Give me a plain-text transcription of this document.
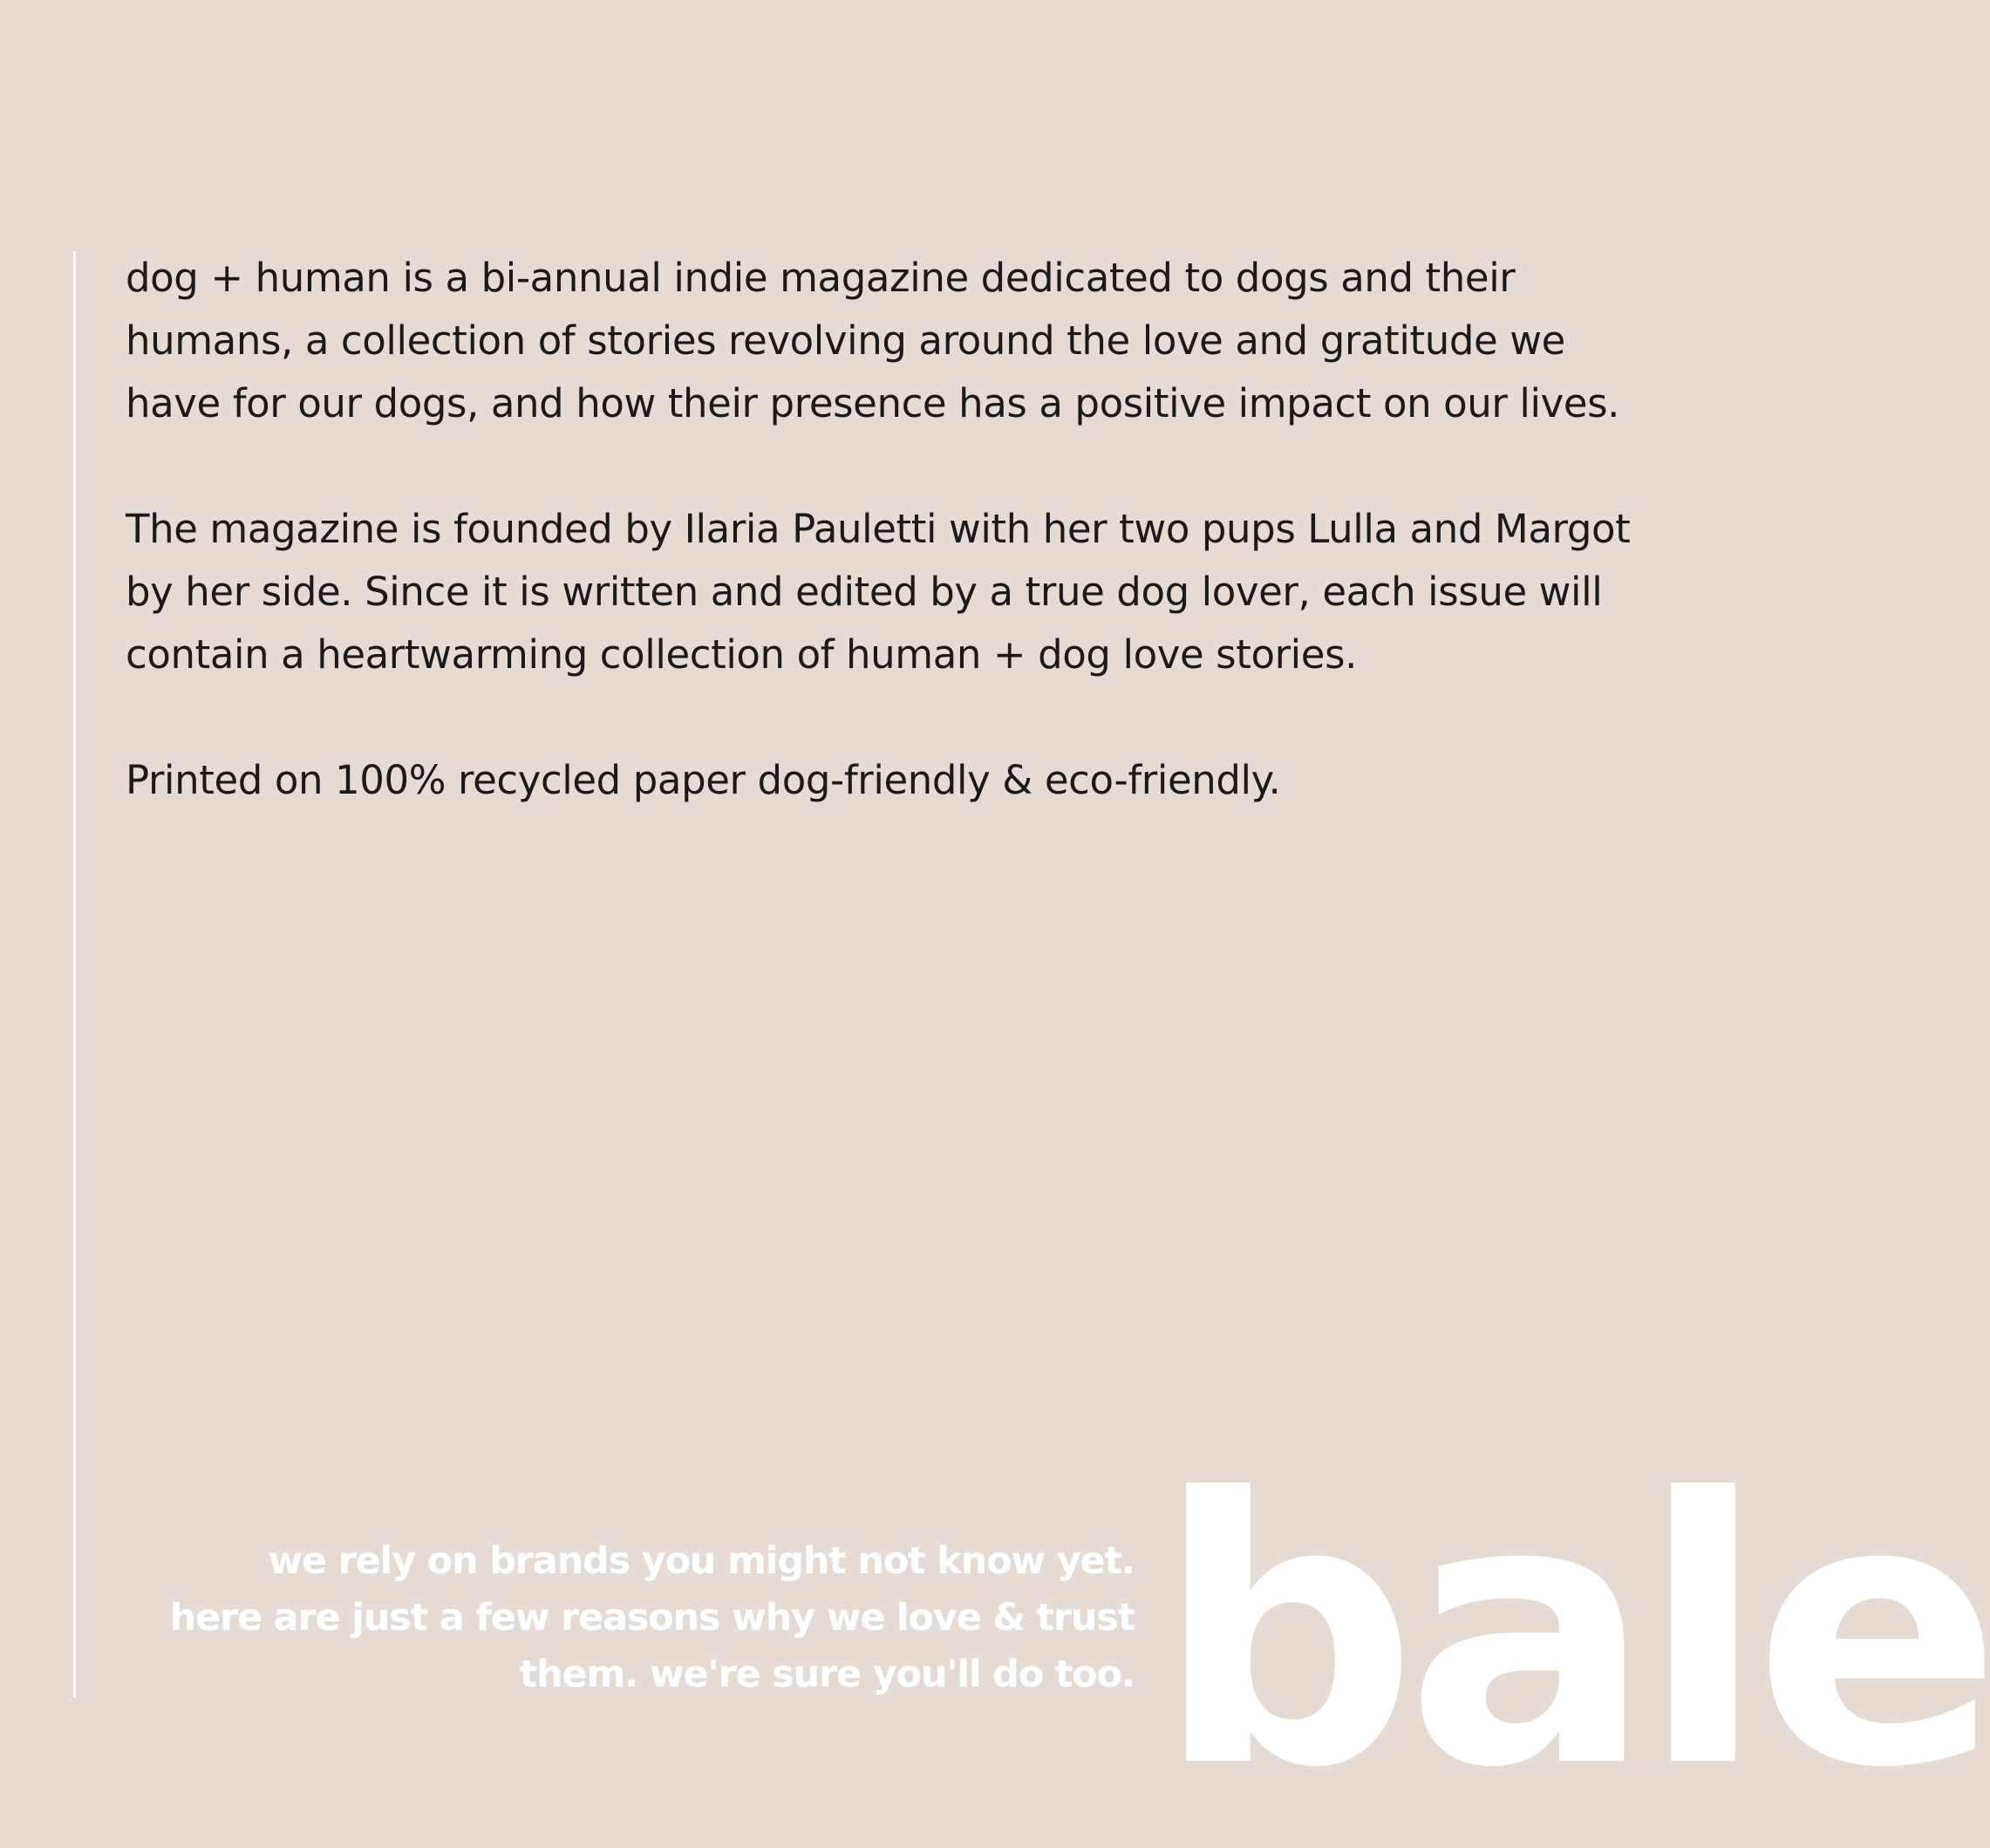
dog + human is a bi-annual indie magazine dedicated to dogs and their humans, a collection of stories revolving around the love and gratitude we have for our dogs, and how their presence has a positive impact on our lives.

The magazine is founded by Ilaria Pauletti with her two pups Lulla and Margot by her side. Since it is written and edited by a true dog lover, each issue will contain a heartwarming collection of human + dog love stories.

Printed on 100% recycled paper dog-friendly & eco-friendly.

we rely on brands you might not know yet.
here are just a few reasons why we love & trust
them. we're sure you'll do too. bale
